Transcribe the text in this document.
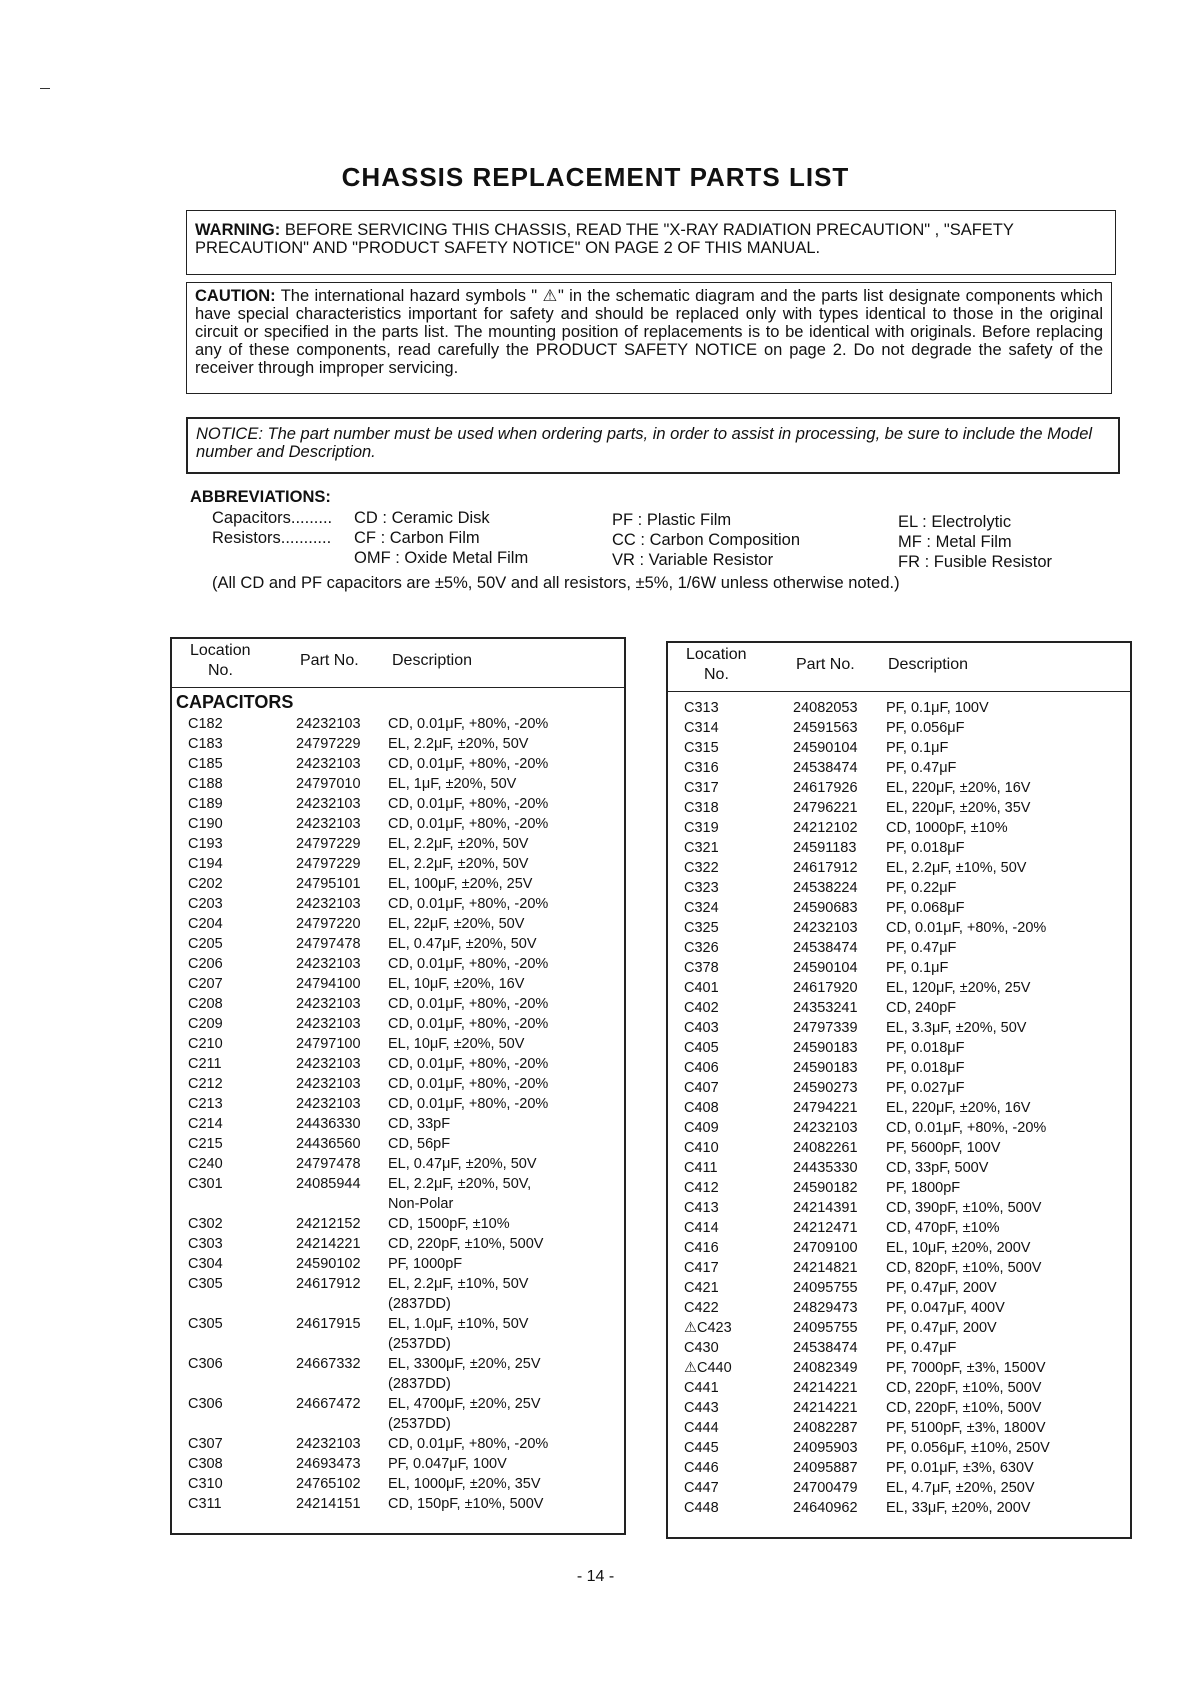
CHASSIS REPLACEMENT PARTS LIST
WARNING: BEFORE SERVICING THIS CHASSIS, READ THE "X-RAY RADIATION PRECAUTION" , "SAFETY PRECAUTION" AND "PRODUCT SAFETY NOTICE" ON PAGE 2 OF THIS MANUAL.
CAUTION: The international hazard symbols " ⚠" in the schematic diagram and the parts list designate components which have special characteristics important for safety and should be replaced only with types identical to those in the original circuit or specified in the parts list. The mounting position of replacements is to be identical with originals. Before replacing any of these components, read carefully the PRODUCT SAFETY NOTICE on page 2. Do not degrade the safety of the receiver through improper servicing.
NOTICE: The part number must be used when ordering parts, in order to assist in processing, be sure to include the Model number and Description.
ABBREVIATIONS:
Capacitors.........
Resistors...........
CD : Ceramic Disk
CF : Carbon Film
OMF : Oxide Metal Film
PF : Plastic Film
CC : Carbon Composition
VR : Variable Resistor
EL : Electrolytic
MF : Metal Film
FR : Fusible Resistor
(All CD and PF capacitors are ±5%, 50V and all resistors, ±5%, 1/6W unless otherwise noted.)
Location
No.
Part No. Description
CAPACITORS
C182	24232103 CD, 0.01μF, +80%, -20%
C183	24797229 EL, 2.2μF, ±20%, 50V
C185	24232103 CD, 0.01μF, +80%, -20%
C188	24797010 EL, 1μF, ±20%, 50V
C189	24232103 CD, 0.01μF, +80%, -20%
C190	24232103 CD, 0.01μF, +80%, -20%
C193	24797229 EL, 2.2μF, ±20%, 50V
C194	24797229 EL, 2.2μF, ±20%, 50V
C202	24795101 EL, 100μF, ±20%, 25V
C203	24232103 CD, 0.01μF, +80%, -20%
C204	24797220 EL, 22μF, ±20%, 50V
C205	24797478 EL, 0.47μF, ±20%, 50V
C206	24232103 CD, 0.01μF, +80%, -20%
C207	24794100 EL, 10μF, ±20%, 16V
C208	24232103 CD, 0.01μF, +80%, -20%
C209	24232103 CD, 0.01μF, +80%, -20%
C210	24797100 EL, 10μF, ±20%, 50V
C211	24232103 CD, 0.01μF, +80%, -20%
C212	24232103 CD, 0.01μF, +80%, -20%
C213	24232103 CD, 0.01μF, +80%, -20%
C214	24436330 CD, 33pF
C215	24436560 CD, 56pF
C240	24797478 EL, 0.47μF, ±20%, 50V
C301	24085944 EL, 2.2μF, ±20%, 50V,
Non-Polar
C302	24212152 CD, 1500pF, ±10%
C303	24214221 CD, 220pF, ±10%, 500V
C304	24590102 PF, 1000pF
C305	24617912 EL, 2.2μF, ±10%, 50V
(2837DD)
C305	24617915 EL, 1.0μF, ±10%, 50V
(2537DD)
C306	24667332 EL, 3300μF, ±20%, 25V
(2837DD)
C306	24667472 EL, 4700μF, ±20%, 25V
(2537DD)
C307	24232103 CD, 0.01μF, +80%, -20%
C308	24693473 PF, 0.047μF, 100V
C310	24765102 EL, 1000μF, ±20%, 35V
C311	24214151 CD, 150pF, ±10%, 500V
Location
No.
Part No. Description
C313	24082053 PF, 0.1μF, 100V
C314	24591563 PF, 0.056μF
C315	24590104 PF, 0.1μF
C316	24538474 PF, 0.47μF
C317	24617926 EL, 220μF, ±20%, 16V
C318	24796221 EL, 220μF, ±20%, 35V
C319	24212102 CD, 1000pF, ±10%
C321	24591183 PF, 0.018μF
C322	24617912 EL, 2.2μF, ±10%, 50V
C323	24538224 PF, 0.22μF
C324	24590683 PF, 0.068μF
C325	24232103 CD, 0.01μF, +80%, -20%
C326	24538474 PF, 0.47μF
C378	24590104 PF, 0.1μF
C401	24617920 EL, 120μF, ±20%, 25V
C402	24353241 CD, 240pF
C403	24797339 EL, 3.3μF, ±20%, 50V
C405	24590183 PF, 0.018μF
C406	24590183 PF, 0.018μF
C407	24590273 PF, 0.027μF
C408	24794221 EL, 220μF, ±20%, 16V
C409	24232103 CD, 0.01μF, +80%, -20%
C410	24082261 PF, 5600pF, 100V
C411	24435330 CD, 33pF, 500V
C412	24590182 PF, 1800pF
C413	24214391 CD, 390pF, ±10%, 500V
C414	24212471 CD, 470pF, ±10%
C416	24709100 EL, 10μF, ±20%, 200V
C417	24214821 CD, 820pF, ±10%, 500V
C421	24095755 PF, 0.47μF, 200V
C422	24829473 PF, 0.047μF, 400V
⚠C423	24095755 PF, 0.47μF, 200V
C430	24538474 PF, 0.47μF
⚠C440	24082349 PF, 7000pF, ±3%, 1500V
C441	24214221 CD, 220pF, ±10%, 500V
C443	24214221 CD, 220pF, ±10%, 500V
C444	24082287 PF, 5100pF, ±3%, 1800V
C445	24095903 PF, 0.056μF, ±10%, 250V
C446	24095887 PF, 0.01μF, ±3%, 630V
C447	24700479 EL, 4.7μF, ±20%, 250V
C448	24640962 EL, 33μF, ±20%, 200V
- 14 -
